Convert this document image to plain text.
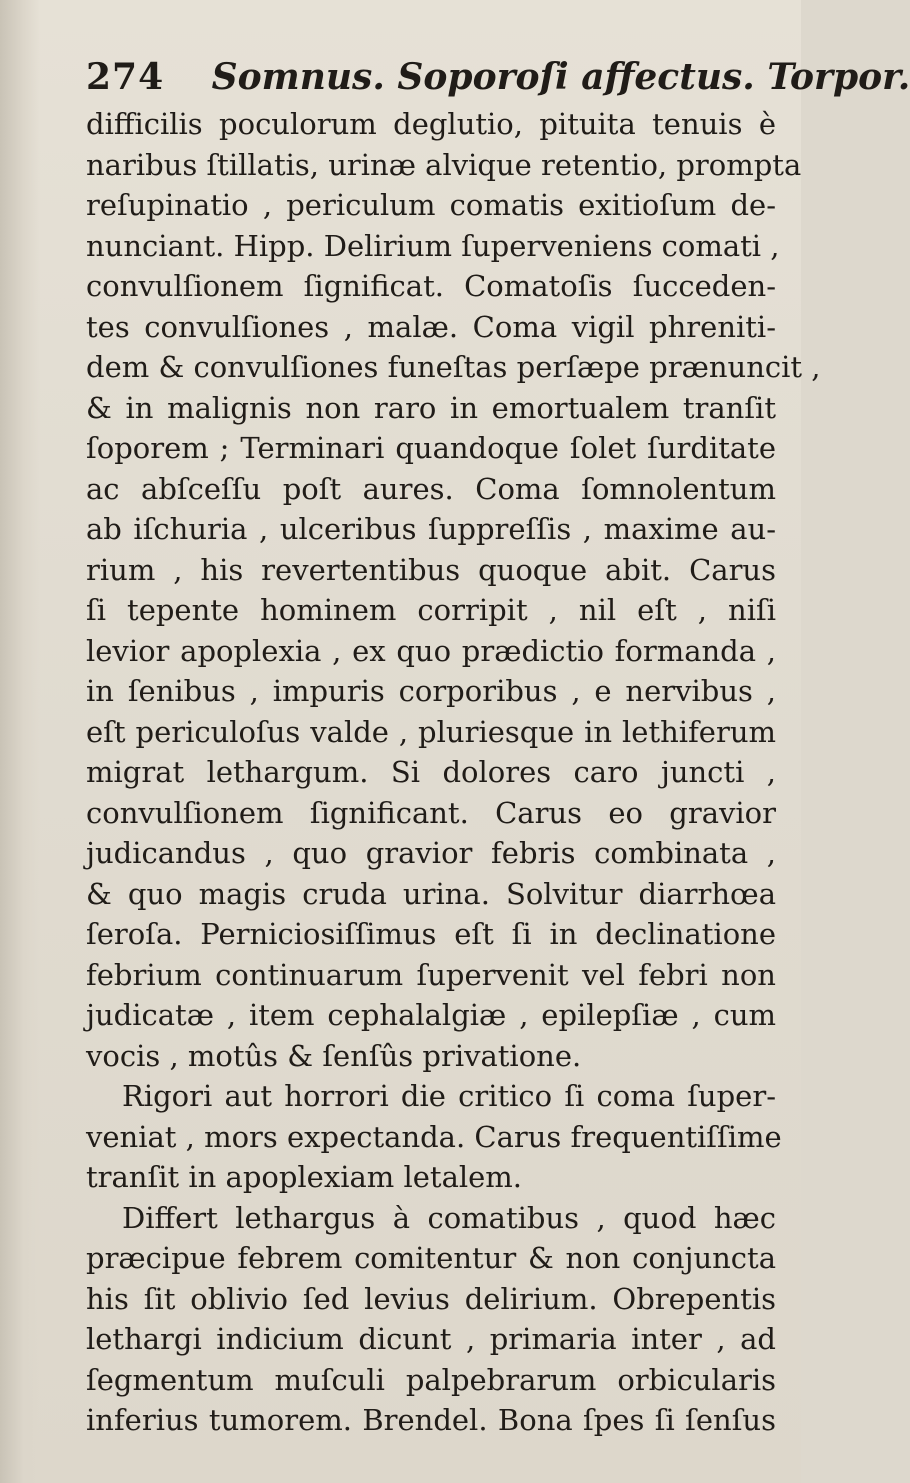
274 Somnus. Soporoſi affectus. Torpor.
difficilis poculorum deglutio, pituita tenuis è
naribus ſtillatis, urinæ alvique retentio, prompta
reſupinatio , periculum comatis exitioſum de-
nunciant. Hipp. Delirium ſuperveniens comati ,
convulſionem ſignificat. Comatoſis ſucceden-
tes convulſiones , malæ. Coma vigil phreniti-
dem & convulſiones funeſtas perſæpe prænuncit ,
& in malignis non raro in emortualem tranſit
ſoporem ; Terminari quandoque ſolet ſurditate
ac abſceſſu poſt aures. Coma ſomnolentum
ab iſchuria , ulceribus ſuppreſſis , maxime au-
rium , his revertentibus quoque abit. Carus
ſi tepente hominem corripit , nil eſt , niſi
levior apoplexia , ex quo prædictio formanda ,
in ſenibus , impuris corporibus , e nervibus ,
eſt periculoſus valde , pluriesque in lethiferum
migrat lethargum. Si dolores caro juncti ,
convulſionem ſignificant. Carus eo gravior
judicandus , quo gravior febris combinata ,
& quo magis cruda urina. Solvitur diarrhœa
ſeroſa. Perniciosiſſimus eſt ſi in declinatione
febrium continuarum ſupervenit vel febri non
judicatæ , item cephalalgiæ , epilepſiæ , cum
vocis , motûs & ſenſûs privatione.
Rigori aut horrori die critico ſi coma ſuper-
veniat , mors expectanda. Carus frequentiſſime
tranſit in apoplexiam letalem.
Differt lethargus à comatibus , quod hæc
præcipue febrem comitentur & non conjuncta
his ſit oblivio ſed levius delirium. Obrepentis
lethargi indicium dicunt , primaria inter , ad
ſegmentum muſculi palpebrarum orbicularis
inferius tumorem. Brendel. Bona ſpes ſi ſenſus
